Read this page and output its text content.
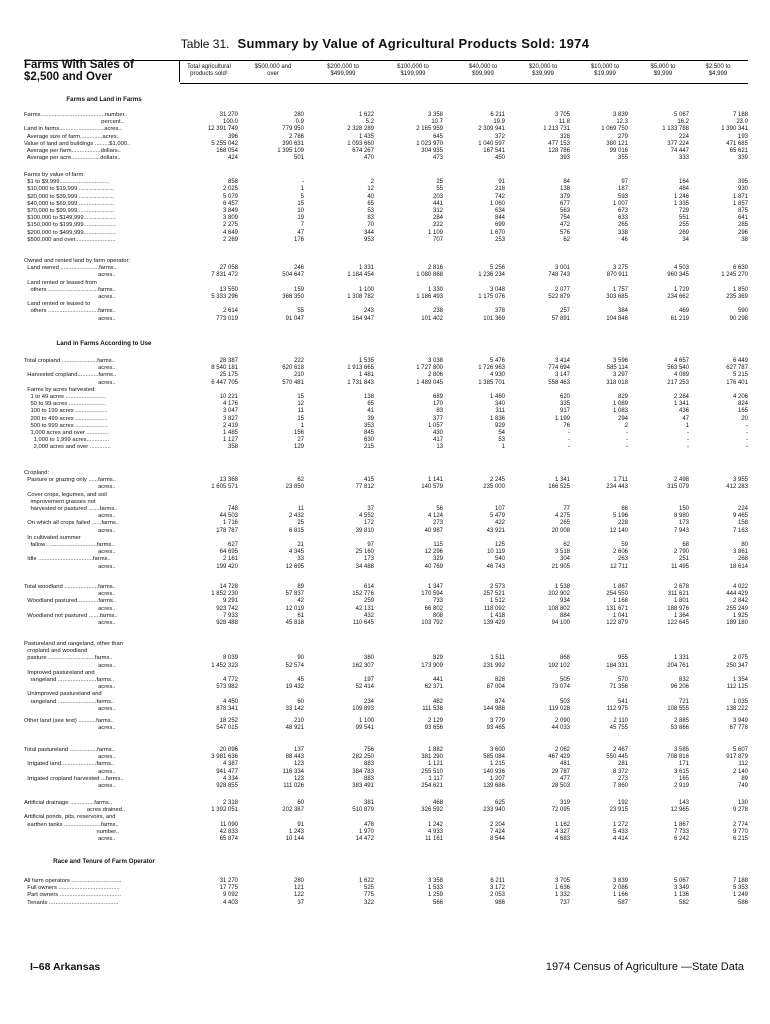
Table 31. Summary by Value of Agricultural Products Sold: 1974
Farms With Sales of
$2,500 and Over
Total agricultural
products sold¹
$500,000 and
over
$200,000 to
$499,999
$100,000 to
$199,999
$40,000 to
$99,999
$20,000 to
$39,999
$10,000 to
$19,999
$5,000 to
$9,999
$2,500 to
$4,999
Farms and Land in Farms
Land in Farms According to Use
Race and Tenure of Farm Operator
Farms........................................number..
percent..
Land in farms............................acres..
Average size of farm..............acres..
Value of land and buildings .........$1,000..
Average per farm..................dollars..
Average per acre..................dollars..
31 270
100.0
12 391 749
396
5 255 042
168 054
424
280
0.9
779 950
2 786
390 631
1 395 109
501
1 622
5.2
2 328 289
1 435
1 093 660
674 267
470
3 358
10.7
2 165 959
645
1 023 970
304 935
473
6 211
19.9
2 309 941
372
1 040 597
167 541
450
3 705
11.8
1 213 731
328
477 153
128 786
393
3 839
12.3
1 069 750
279
380 121
99 016
355
5 067
16.2
1 133 788
224
377 224
74 447
333
7 188
23.0
1 390 341
193
471 685
65 621
339
Farms by value of farm:
$1 to $9,999...............................
$10,000 to $19,999.......................
$20,000 to $39,999.......................
$40,000 to $69,999.......................
$70,000 to $99,999.......................
$100,000 to $149,999....................
$150,000 to $199,999....................
$200,000 to $499,999....................
$500,000 and over.........................

858
2 025
5 079
6 457
3 849
3 809
2 275
4 649
2 269

-
1
5
15
10
19
7
47
176

2
12
40
65
53
83
70
344
953

25
55
203
441
312
284
222
1 109
707

91
218
742
1 060
634
844
699
1 670
253

84
138
379
677
563
754
472
576
62

97
187
593
1 007
673
633
265
338
46

164
484
1 246
1 335
729
551
255
269
34

395
930
1 871
1 857
875
641
285
296
38
Owned and rented land by farm operator:
Land owned ........................farms..
acres..
Land rented or leased from
others ...............................farms..
acres..
Land rented or leased to
others ...............................farms..
acres..

27 058
7 831 472

13 550
5 333 296

2 614
773 019

246
504 647

159
366 350

55
91 047

1 331
1 184 454

1 100
1 308 782

243
164 947

2 816
1 080 868

1 330
1 186 493

238
101 402

5 256
1 236 234

3 048
1 175 076

378
101 369

3 001
748 743

2 077
522 879

257
57 891

3 275
870 911

1 757
303 685

384
104 846

4 503
960 345

1 729
234 662

469
61 219

6 630
1 245 270

1 850
235 369

590
90 298
Total cropland ......................farms..
acres..
Harvested cropland.............farms..
acres..
Farms by acres harvested:
1 to 49 acres .........................
50 to 99 acres .......................
100 to 199 acres ....................
200 to 499 acres ....................
500 to 999 acres ....................
1,000 acres and over ..............
1,000 to 1,999 acres..............
2,000 acres and over .............
28 387
8 540 181
25 175
6 447 705

10 221
4 176
3 047
3 827
2 419
1 485
1 127
358
222
620 618
210
570 481

15
12
11
15
1
156
27
129
1 535
1 913 665
1 481
1 731 843

138
65
41
39
353
845
630
215
3 038
1 727 800
2 806
1 489 045

689
170
83
377
1 057
430
417
13
5 476
1 726 963
4 930
1 385 701

1 460
340
311
1 836
929
54
53
1
3 414
774 694
3 147
558 463

620
335
917
1 199
76
-
-
-
3 596
585 114
3 297
318 018

829
1 089
1 083
294
2
-
-
-
4 657
563 540
4 089
217 253

2 264
1 341
436
47
1
-
-
-
6 449
627 787
5 215
176 401

4 206
824
165
20
-
-
-
-
Cropland:
Pasture or grazing only ......farms..
acres..
Cover crops, legumes, and soil
improvement grasses not
harvested or pastured .......farms..
acres..
On which all crops failed ......farms..
acres..
In cultivated summer
fallow ...............................farms..
acres..
Idle ..................................farms..
acres..

13 368
1 605 571

748
44 503
1 716
178 787

627
64 695
2 161
199 420

62
23 850

11
2 432
25
6 815

21
4 345
33
12 695

415
77 812

37
4 552
172
39 810

97
25 160
173
34 488

1 141
140 579

56
4 124
273
40 987

115
12 296
329
40 769

2 245
235 000

107
5 479
422
43 921

125
10 119
540
46 743

1 341
166 525

77
4 275
265
20 008

62
3 518
304
21 905

1 711
234 443

86
5 196
228
12 140

59
2 606
263
12 711

2 498
315 079

150
8 980
173
7 943

68
2 790
251
11 495

3 955
412 283

224
9 465
158
7 163

80
3 861
268
18 614
Total woodland .....................farms..
acres..
Woodland pastured.............farms..
acres..
Woodland not pastured .......farms..
acres..
14 728
1 852 230
9 291
923 742
7 933
928 488
89
57 837
42
12 019
61
45 818
614
152 776
259
42 131
432
110 645
1 347
170 594
733
66 802
808
103 792
2 573
257 521
1 512
118 092
1 418
139 429
1 538
202 902
934
108 802
884
94 100
1 867
254 550
1 168
131 671
1 041
122 879
2 678
311 621
1 801
188 976
1 364
122 645
4 022
444 429
2 842
255 249
1 925
189 180
Pastureland and rangeland, other than
cropland and woodland
pasture .............................farms..
acres..
Improved pastureland and
rangeland ........................farms..
acres..
Unimproved pastureland and
rangeland ........................farms..
acres..

8 039
1 452 323

4 772
573 982

4 450
878 341

90
52 574

45
19 432

60
33 142

380
162 307

197
52 414

234
109 893

829
173 909

441
62 371

482
111 538

1 511
231 992

828
87 004

874
144 988

868
192 102

505
73 074

503
119 028

955
184 331

570
71 356

541
112 975

1 331
204 761

832
96 206

721
108 555

2 075
250 347

1 354
112 125

1 035
138 222
Other land (see text) ...........farms..
acres..
18 252
547 015
210
48 921
1 100
99 541
2 129
93 656
3 779
93 465
2 090
44 033
2 110
45 755
2 885
53 866
3 949
67 778
Total pastureland .................farms..
acres..
Irrigated land......................farms..
acres..
Irrigated cropland harvested ...farms..
acres..
20 096
3 981 636
4 387
941 477
4 334
928 855
137
88 443
123
116 334
123
111 026
756
282 250
883
384 783
883
383 491
1 882
381 290
1 121
255 510
1 117
254 621
3 600
585 084
1 215
140 936
1 207
139 686
2 062
467 429
481
29 787
477
28 503
2 467
550 445
281
8 372
273
7 860
3 585
708 816
171
3 615
165
2 919
5 607
917 879
112
2 140
89
749
Artificial drainage ...............farms..
acres drained..
Artificial ponds, pits, reservoirs, and
earthen tanks .......................farms..
number..
acres..
2 318
1 392 051

11 090
42 833
65 874
60
202 387

91
1 243
10 144
381
510 879

478
1 970
14 472
468
326 592

1 242
4 933
11 161
625
233 940

2 204
7 424
8 544
319
72 095

1 162
4 327
4 683
192
23 915

1 272
5 433
4 414
143
12 965

1 867
7 733
6 242
130
9 278

2 774
9 770
6 215
All farm operators ...............................
Full owners ......................................
Part owners ......................................
Tenants ...........................................
31 270
17 775
9 092
4 403
280
121
122
37
1 622
525
775
322
3 358
1 533
1 259
566
6 211
3 172
2 053
986
3 705
1 636
1 332
737
3 839
2 086
1 166
587
5 067
3 349
1 136
582
7 188
5 353
1 249
586
I–68 Arkansas	1974 Census of Agriculture —State Data
